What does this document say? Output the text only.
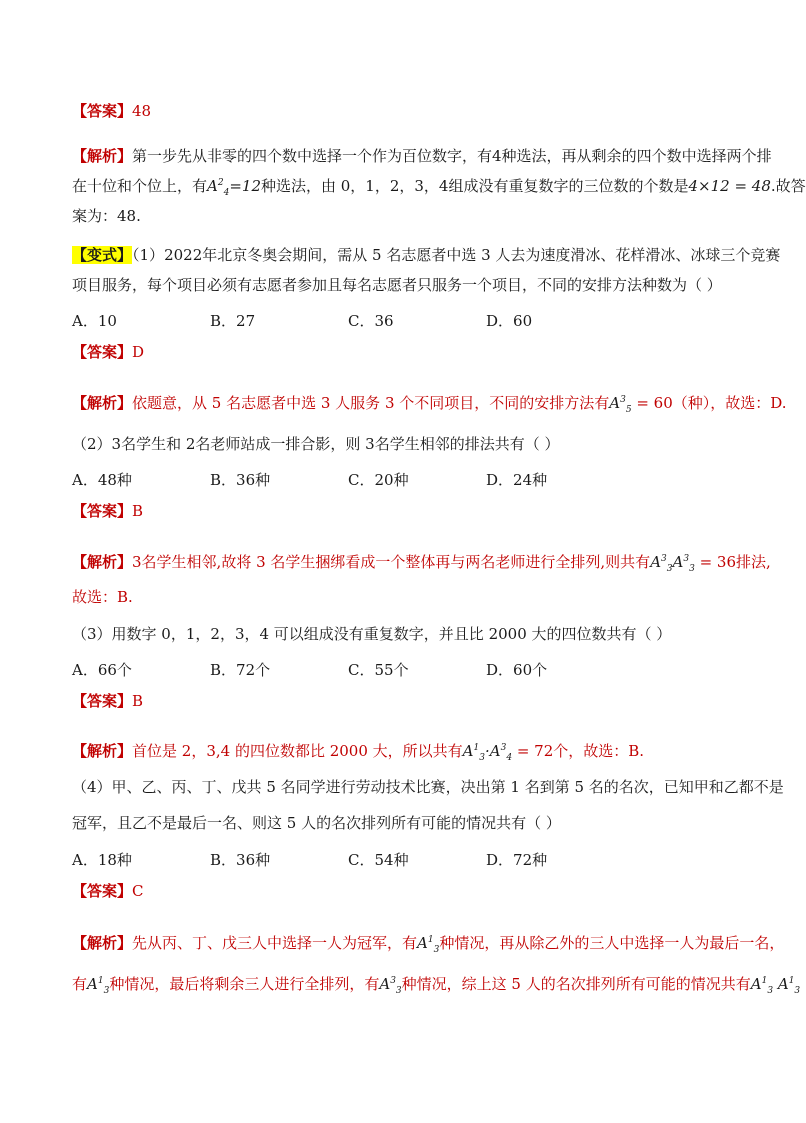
【答案】48
【解析】第一步先从非零的四个数中选择一个作为百位数字，有4种选法，再从剩余的四个数中选择两个排
在十位和个位上，有$A^2_4=12$种选法，由 0，1，2，3，4组成没有重复数字的三位数的个数是4×12 = 48.故答
案为：48.
【变式】（1）2022年北京冬奥会期间，需从 5 名志愿者中选 3 人去为速度滑冰、花样滑冰、冰球三个竞赛
项目服务，每个项目必须有志愿者参加且每名志愿者只服务一个项目，不同的安排方法种数为（ ）
A．10	B．27	C．36	D．60
【答案】D
【解析】依题意，从 5 名志愿者中选 3 人服务 3 个不同项目，不同的安排方法有$A^3_5 = 60$（种），故选：D.
（2）3名学生和 2名老师站成一排合影，则 3名学生相邻的排法共有（ ）
A．48种	B．36种	C．20种	D．24种
【答案】B
【解析】3名学生相邻,故将 3 名学生捆绑看成一个整体再与两名老师进行全排列,则共有$A^3_3A^3_3 = 36$排法,
故选：B.
（3）用数字 0，1，2，3，4 可以组成没有重复数字，并且比 2000 大的四位数共有（ ）
A．66个	B．72个	C．55个	D．60个
【答案】B
【解析】首位是 2，3,4 的四位数都比 2000 大，所以共有$A^1_3\cdot A^3_4 = 72$个，故选：B.
（4）甲、乙、丙、丁、戊共 5 名同学进行劳动技术比赛，决出第 1 名到第 5 名的名次，已知甲和乙都不是
冠军，且乙不是最后一名、则这 5 人的名次排列所有可能的情况共有（ ）
A．18种	B．36种	C．54种	D．72种
【答案】C
【解析】先从丙、丁、戊三人中选择一人为冠军，有$A^1_3$种情况，再从除乙外的三人中选择一人为最后一名，
有$A^1_3$种情况，最后将剩余三人进行全排列，有$A^3_3$种情况，综上这 5 人的名次排列所有可能的情况共有$A^1_3$ $A^1_3$
